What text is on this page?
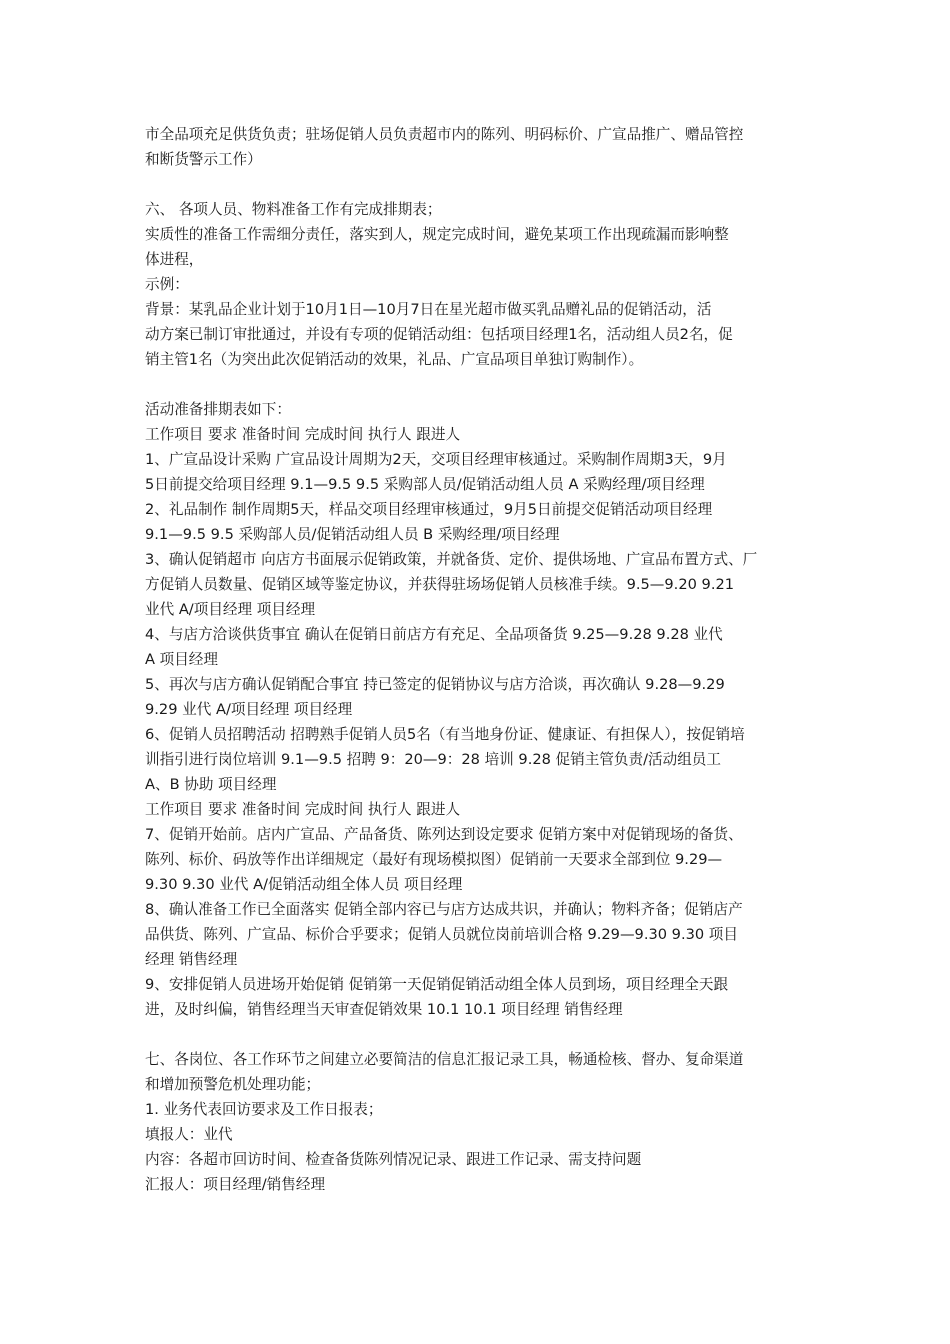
市全品项充足供货负责；驻场促销人员负责超市内的陈列、明码标价、广宣品推广、赠品管控
和断货警示工作）
六、 各项人员、物料准备工作有完成排期表；
实质性的准备工作需细分责任，落实到人，规定完成时间，避免某项工作出现疏漏而影响整
体进程，
示例：
背景：某乳品企业计划于10月1日—10月7日在星光超市做买乳品赠礼品的促销活动，活
动方案已制订审批通过，并设有专项的促销活动组：包括项目经理1名，活动组人员2名，促
销主管1名（为突出此次促销活动的效果，礼品、广宣品项目单独订购制作）。
活动准备排期表如下：
工作项目 要求 准备时间 完成时间 执行人 跟进人
1、广宣品设计采购 广宣品设计周期为2天，交项目经理审核通过。采购制作周期3天，9月
5日前提交给项目经理 9.1—9.5 9.5 采购部人员/促销活动组人员 A 采购经理/项目经理
2、礼品制作 制作周期5天，样品交项目经理审核通过，9月5日前提交促销活动项目经理
9.1—9.5 9.5 采购部人员/促销活动组人员 B 采购经理/项目经理
3、确认促销超市 向店方书面展示促销政策，并就备货、定价、提供场地、广宣品布置方式、厂
方促销人员数量、促销区域等鉴定协议，并获得驻场场促销人员核准手续。9.5—9.20 9.21
业代 A/项目经理 项目经理
4、与店方洽谈供货事宜 确认在促销日前店方有充足、全品项备货 9.25—9.28 9.28 业代
A 项目经理
5、再次与店方确认促销配合事宜 持已签定的促销协议与店方洽谈，再次确认 9.28—9.29
9.29 业代 A/项目经理 项目经理
6、促销人员招聘活动 招聘熟手促销人员5名（有当地身份证、健康证、有担保人），按促销培
训指引进行岗位培训 9.1—9.5 招聘 9：20—9：28 培训 9.28 促销主管负责/活动组员工
A、B 协助 项目经理
工作项目 要求 准备时间 完成时间 执行人 跟进人
7、促销开始前。店内广宣品、产品备货、陈列达到设定要求 促销方案中对促销现场的备货、
陈列、标价、码放等作出详细规定（最好有现场模拟图）促销前一天要求全部到位 9.29—
9.30 9.30 业代 A/促销活动组全体人员 项目经理
8、确认准备工作已全面落实 促销全部内容已与店方达成共识，并确认；物料齐备；促销店产
品供货、陈列、广宣品、标价合乎要求；促销人员就位岗前培训合格 9.29—9.30 9.30 项目
经理 销售经理
9、安排促销人员进场开始促销 促销第一天促销促销活动组全体人员到场，项目经理全天跟
进，及时纠偏，销售经理当天审查促销效果 10.1 10.1 项目经理 销售经理
七、各岗位、各工作环节之间建立必要简洁的信息汇报记录工具，畅通检核、督办、复命渠道
和增加预警危机处理功能；
1. 业务代表回访要求及工作日报表；
填报人：业代
内容：各超市回访时间、检查备货陈列情况记录、跟进工作记录、需支持问题
汇报人：项目经理/销售经理
